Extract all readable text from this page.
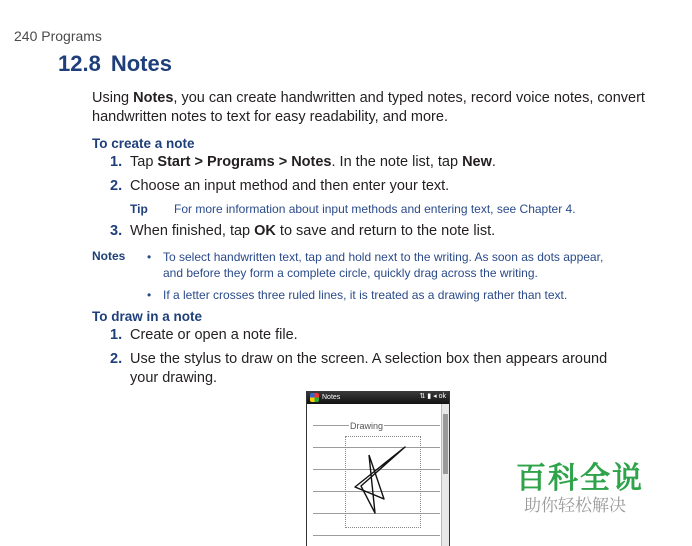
240 Programs
12.8 Notes
Using Notes, you can create handwritten and typed notes, record voice notes, convert handwritten notes to text for easy readability, and more.
To create a note
1. Tap Start > Programs > Notes. In the note list, tap New.
2. Choose an input method and then enter your text.
Tip For more information about input methods and entering text, see Chapter 4.
3. When finished, tap OK to save and return to the note list.
Notes • To select handwritten text, tap and hold next to the writing. As soon as dots appear, and before they form a complete circle, quickly drag across the writing.
• If a letter crosses three ruled lines, it is treated as a drawing rather than text.
To draw in a note
1. Create or open a note file.
2. Use the stylus to draw on the screen. A selection box then appears around your drawing.
Notes	⇅ ▮ ◂ ok
Drawing
百科全说
助你轻松解决
